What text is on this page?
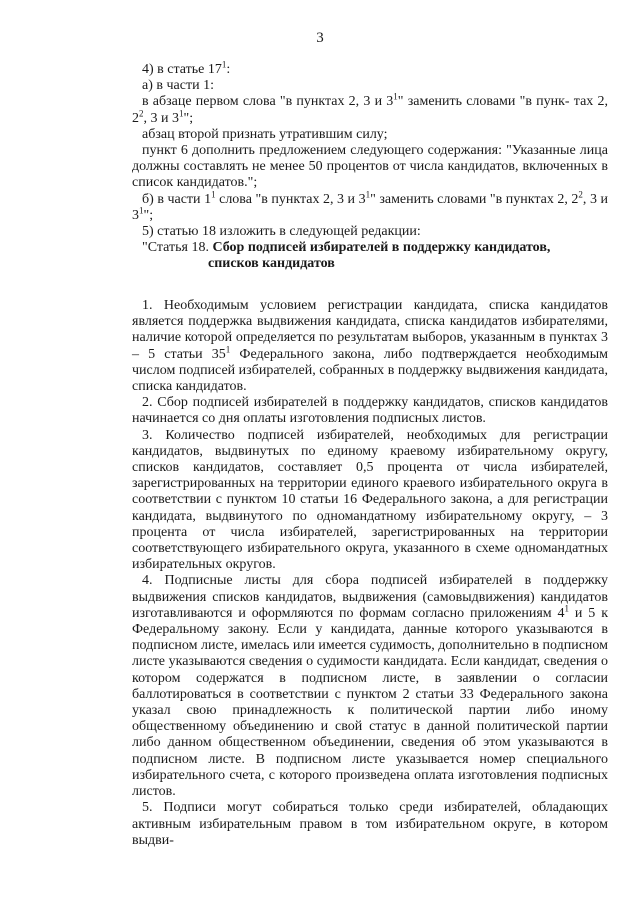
3

4) в статье $17^1$:

а) в части 1:

в абзаце первом слова "в пунктах 2, 3 и $3^1$" заменить словами "в пунк- тах 2, $2^2$, 3 и $3^1$";

абзац второй признать утратившим силу;

пункт 6 дополнить предложением следующего содержания: "Указанные лица должны составлять не менее 50 процентов от числа кандидатов, включенных в список кандидатов.";

б) в части $1^1$ слова "в пунктах 2, 3 и $3^1$" заменить словами "в пунктах 2, $2^2$, 3 и $3^1$";

5) статью 18 изложить в следующей редакции:

"Статья 18. Сбор подписей избирателей в поддержку кандидатов,

списков кандидатов

1. Необходимым условием регистрации кандидата, списка кандидатов является поддержка выдвижения кандидата, списка кандидатов избирателями, наличие которой определяется по результатам выборов, указанным в пунктах 3 – 5 статьи $35^1$ Федерального закона, либо подтверждается необходимым числом подписей избирателей, собранных в поддержку выдвижения кандидата, списка кандидатов.

2. Сбор подписей избирателей в поддержку кандидатов, списков кандидатов начинается со дня оплаты изготовления подписных листов.

3. Количество подписей избирателей, необходимых для регистрации кандидатов, выдвинутых по единому краевому избирательному округу, списков кандидатов, составляет 0,5 процента от числа избирателей, зарегистрированных на территории единого краевого избирательного округа в соответствии с пунктом 10 статьи 16 Федерального закона, а для регистрации кандидата, выдвинутого по одномандатному избирательному округу, – 3 процента от числа избирателей, зарегистрированных на территории соответствующего избирательного округа, указанного в схеме одномандатных избирательных округов.

4. Подписные листы для сбора подписей избирателей в поддержку выдвижения списков кандидатов, выдвижения (самовыдвижения) кандидатов изготавливаются и оформляются по формам согласно приложениям $4^1$ и 5 к Федеральному закону. Если у кандидата, данные которого указываются в подписном листе, имелась или имеется судимость, дополнительно в подписном листе указываются сведения о судимости кандидата. Если кандидат, сведения о котором содержатся в подписном листе, в заявлении о согласии баллотироваться в соответствии с пунктом 2 статьи 33 Федерального закона указал свою принадлежность к политической партии либо иному общественному объединению и свой статус в данной политической партии либо данном общественном объединении, сведения об этом указываются в подписном листе. В подписном листе указывается номер специального избирательного счета, с которого произведена оплата изготовления подписных листов.

5. Подписи могут собираться только среди избирателей, обладающих активным избирательным правом в том избирательном округе, в котором выдви-
